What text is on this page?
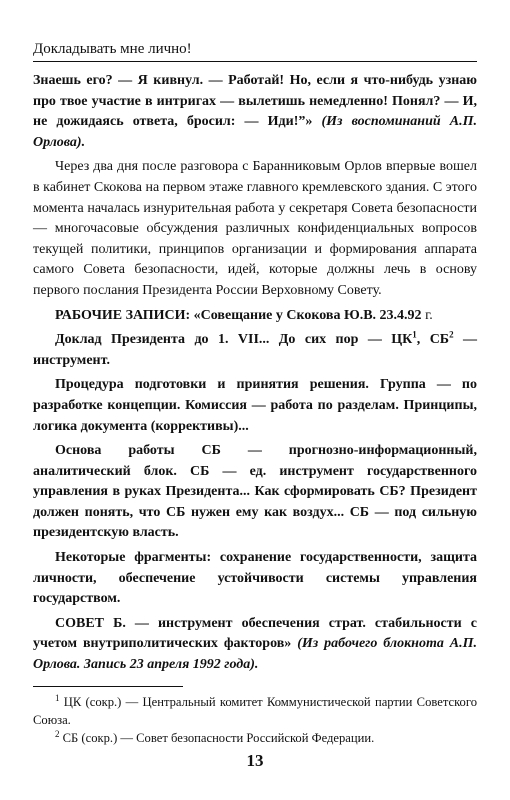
Докладывать мне лично!

Знаешь его? — Я кивнул. — Работай! Но, если я что-нибудь узнаю про твое участие в интригах — вылетишь немедленно! Понял? — И, не дожидаясь ответа, бросил: — Иди!”» (Из воспоминаний А.П. Орлова).

Через два дня после разговора с Баранниковым Орлов впервые вошел в кабинет Скокова на первом этаже главного кремлевского здания. С этого момента началась изнурительная работа у секретаря Совета безопасности — многочасовые обсуждения различных конфиденциальных вопросов текущей политики, принципов организации и формирования аппарата самого Совета безопасности, идей, которые должны лечь в основу первого послания Президента России Верховному Совету.

РАБОЧИЕ ЗАПИСИ: «Совещание у Скокова Ю.В. 23.4.92 г.

Доклад Президента до 1. VII... До сих пор — $ЦК^1$, $СБ^2$ — инструмент.

Процедура подготовки и принятия решения. Группа — по разработке концепции. Комиссия — работа по разделам. Принципы, логика документа (коррективы)...

Основа работы СБ — прогнозно-информационный, аналитический блок. СБ — ед. инструмент государственного управления в руках Президента... Как сформировать СБ? Президент должен понять, что СБ нужен ему как воздух... СБ — под сильную президентскую власть.

Некоторые фрагменты: сохранение государственности, защита личности, обеспечение устойчивости системы управления государством.

СОВЕТ Б. — инструмент обеспечения страт. стабильности с учетом внутриполитических факторов» (Из рабочего блокнота А.П. Орлова. Запись 23 апреля 1992 года).

$^1$ ЦК (сокр.) — Центральный комитет Коммунистической партии Советского Союза.

$^2$ СБ (сокр.) — Совет безопасности Российской Федерации.

13
